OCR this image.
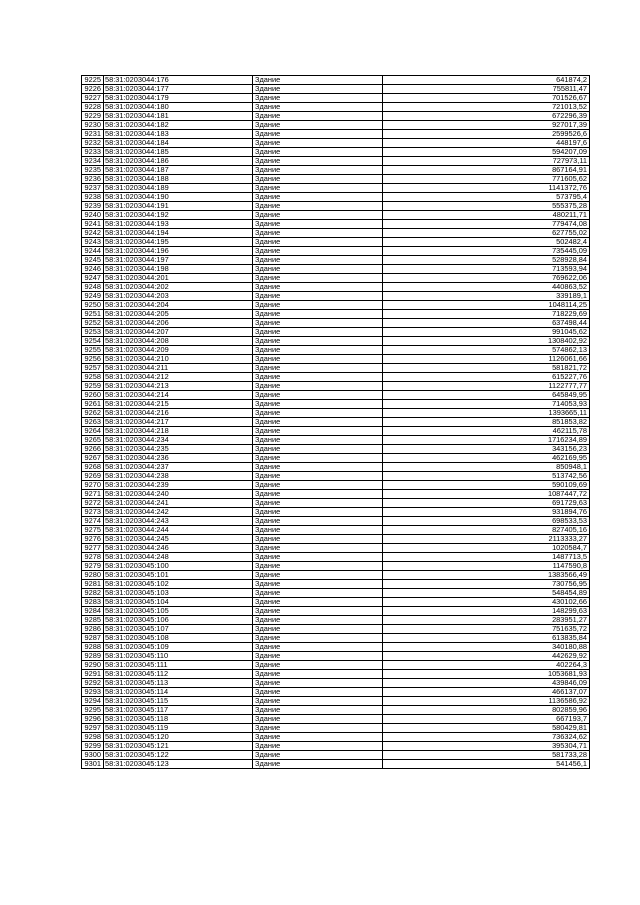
9225	58:31:0203044:176	Здание	641874,2
9226	58:31:0203044:177	Здание	755811,47
9227	58:31:0203044:179	Здание	701526,67
9228	58:31:0203044:180	Здание	721013,52
9229	58:31:0203044:181	Здание	672296,39
9230	58:31:0203044:182	Здание	927017,39
9231	58:31:0203044:183	Здание	2599526,6
9232	58:31:0203044:184	Здание	448197,6
9233	58:31:0203044:185	Здание	594207,09
9234	58:31:0203044:186	Здание	727973,11
9235	58:31:0203044:187	Здание	867164,91
9236	58:31:0203044:188	Здание	771605,62
9237	58:31:0203044:189	Здание	1141372,76
9238	58:31:0203044:190	Здание	573795,4
9239	58:31:0203044:191	Здание	555375,28
9240	58:31:0203044:192	Здание	480211,71
9241	58:31:0203044:193	Здание	779474,08
9242	58:31:0203044:194	Здание	627755,02
9243	58:31:0203044:195	Здание	502482,4
9244	58:31:0203044:196	Здание	735445,09
9245	58:31:0203044:197	Здание	528928,84
9246	58:31:0203044:198	Здание	713593,94
9247	58:31:0203044:201	Здание	769622,06
9248	58:31:0203044:202	Здание	440863,52
9249	58:31:0203044:203	Здание	339189,1
9250	58:31:0203044:204	Здание	1048114,25
9251	58:31:0203044:205	Здание	718229,69
9252	58:31:0203044:206	Здание	637498,44
9253	58:31:0203044:207	Здание	991045,62
9254	58:31:0203044:208	Здание	1308402,92
9255	58:31:0203044:209	Здание	574862,13
9256	58:31:0203044:210	Здание	1126061,66
9257	58:31:0203044:211	Здание	581821,72
9258	58:31:0203044:212	Здание	615227,76
9259	58:31:0203044:213	Здание	1122777,77
9260	58:31:0203044:214	Здание	645849,95
9261	58:31:0203044:215	Здание	714053,93
9262	58:31:0203044:216	Здание	1393665,11
9263	58:31:0203044:217	Здание	851853,82
9264	58:31:0203044:218	Здание	462115,78
9265	58:31:0203044:234	Здание	1716234,89
9266	58:31:0203044:235	Здание	343156,23
9267	58:31:0203044:236	Здание	462169,95
9268	58:31:0203044:237	Здание	850948,1
9269	58:31:0203044:238	Здание	513742,56
9270	58:31:0203044:239	Здание	590109,69
9271	58:31:0203044:240	Здание	1087447,72
9272	58:31:0203044:241	Здание	691729,63
9273	58:31:0203044:242	Здание	931894,76
9274	58:31:0203044:243	Здание	698533,53
9275	58:31:0203044:244	Здание	827405,16
9276	58:31:0203044:245	Здание	2113333,27
9277	58:31:0203044:246	Здание	1020584,7
9278	58:31:0203044:248	Здание	1487713,5
9279	58:31:0203045:100	Здание	1147590,8
9280	58:31:0203045:101	Здание	1383566,49
9281	58:31:0203045:102	Здание	730756,95
9282	58:31:0203045:103	Здание	548454,89
9283	58:31:0203045:104	Здание	430102,66
9284	58:31:0203045:105	Здание	148299,63
9285	58:31:0203045:106	Здание	283951,27
9286	58:31:0203045:107	Здание	751635,72
9287	58:31:0203045:108	Здание	613835,84
9288	58:31:0203045:109	Здание	340180,88
9289	58:31:0203045:110	Здание	442629,92
9290	58:31:0203045:111	Здание	402264,3
9291	58:31:0203045:112	Здание	1053681,93
9292	58:31:0203045:113	Здание	439846,09
9293	58:31:0203045:114	Здание	466137,07
9294	58:31:0203045:115	Здание	1136586,92
9295	58:31:0203045:117	Здание	802859,96
9296	58:31:0203045:118	Здание	667193,7
9297	58:31:0203045:119	Здание	580429,81
9298	58:31:0203045:120	Здание	736324,62
9299	58:31:0203045:121	Здание	395304,71
9300	58:31:0203045:122	Здание	581733,28
9301	58:31:0203045:123	Здание	541456,1
